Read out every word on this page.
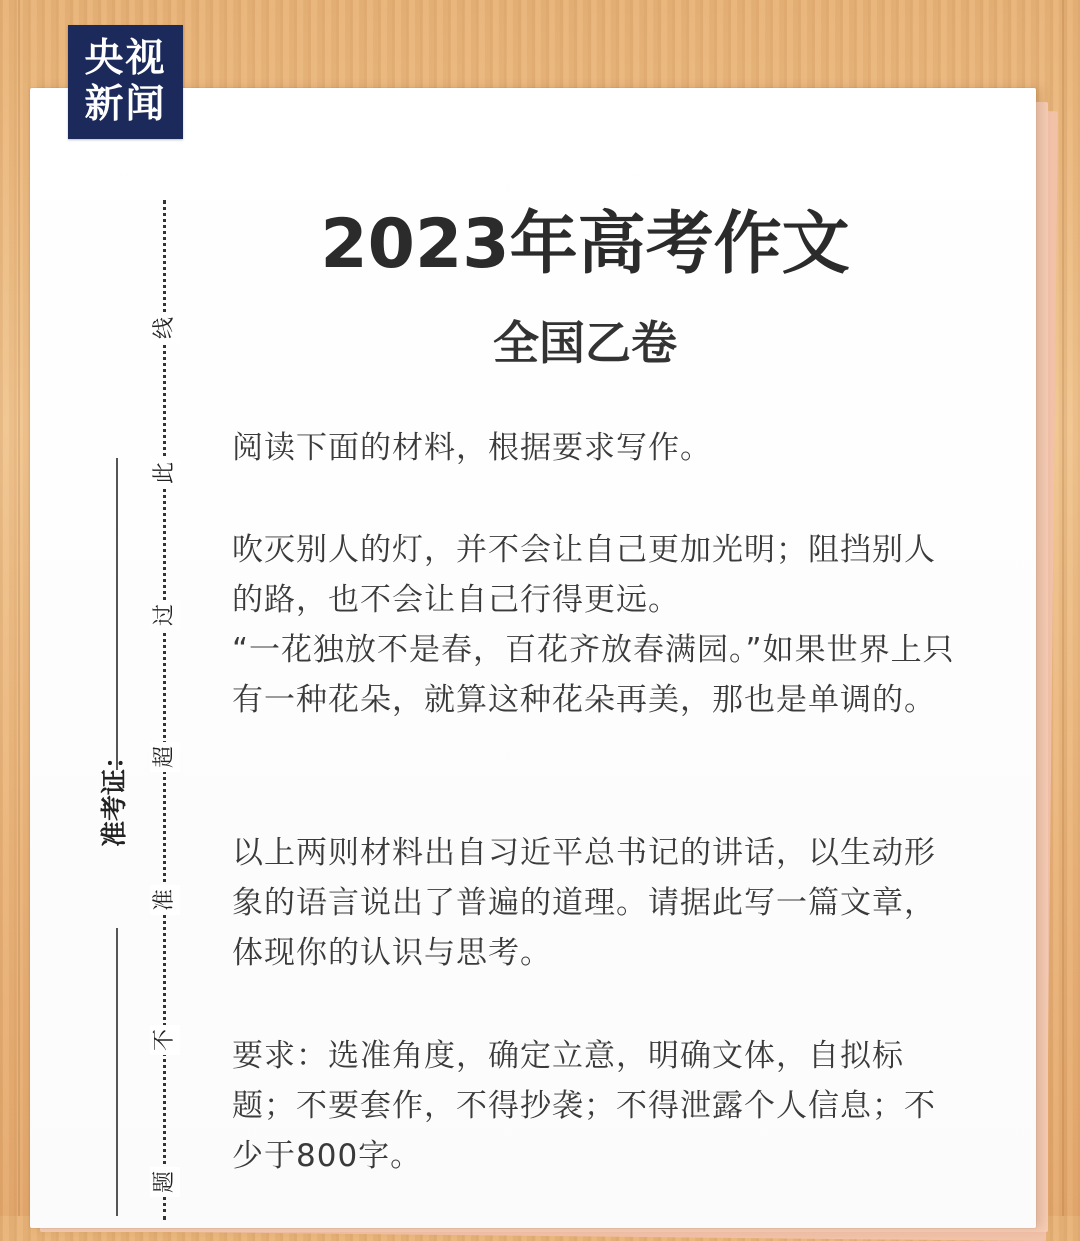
央视
新闻
线
此
过
超
准
不
题
准考证：
2023年高考作文
全国乙卷

阅读下面的材料，根据要求写作。

吹灭别人的灯，并不会让自己更加光明；阻挡别人的路，也不会让自己行得更远。

“一花独放不是春，百花齐放春满园。”如果世界上只有一种花朵，就算这种花朵再美，那也是单调的。

以上两则材料出自习近平总书记的讲话，以生动形象的语言说出了普遍的道理。请据此写一篇文章，体现你的认识与思考。

要求：选准角度，确定立意，明确文体，自拟标题；不要套作，不得抄袭；不得泄露个人信息；不少于800字。
